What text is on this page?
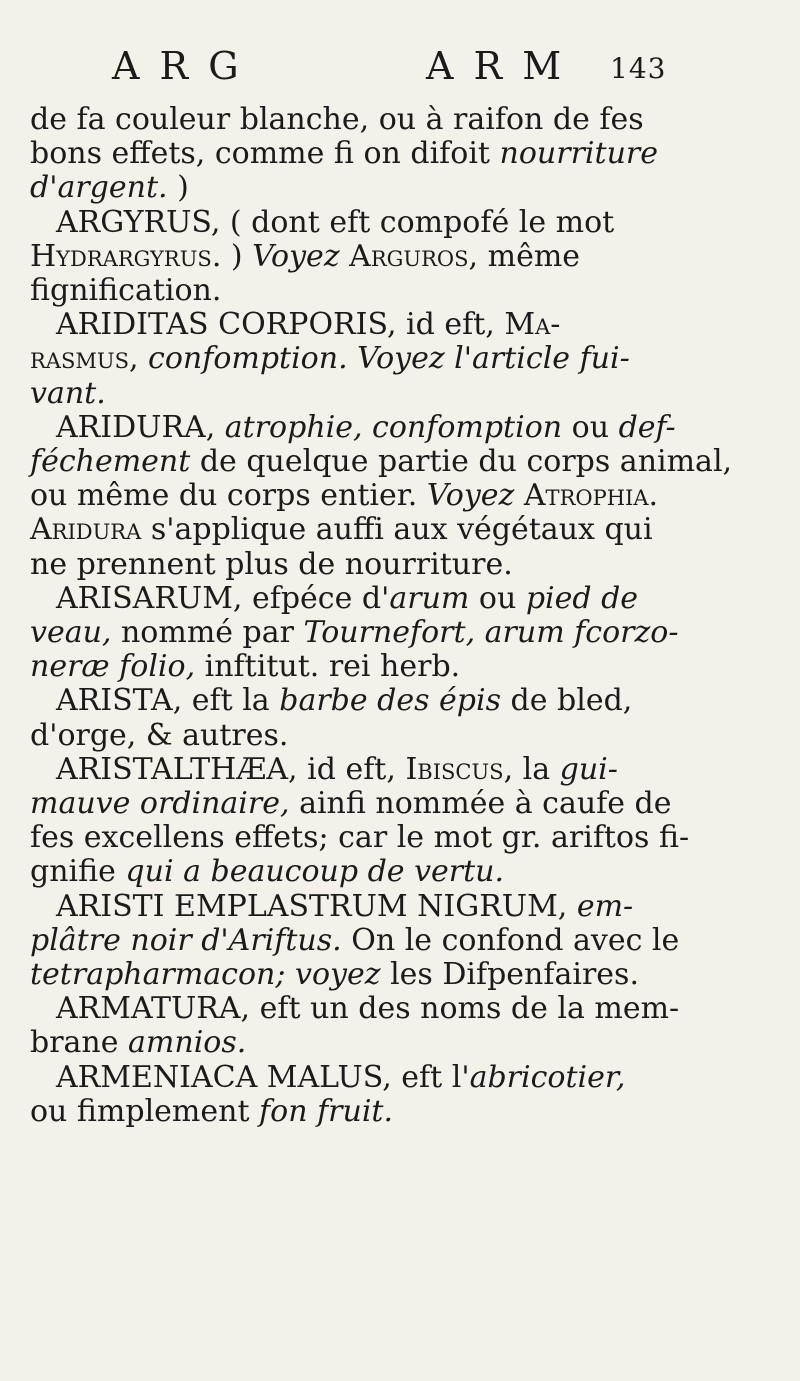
A R G	A R M 143

de fa couleur blanche, ou à raifon de fes

bons effets, comme fi on difoit nourriture

d'argent. )

ARGYRUS, ( dont eft compofé le mot

Hydrargyrus. ) Voyez Arguros, même

fignification.

ARIDITAS CORPORIS, id eft, Ma-

rasmus, confomption. Voyez l'article fui-

vant.

ARIDURA, atrophie, confomption ou def-

féchement de quelque partie du corps animal,

ou même du corps entier. Voyez Atrophia.

Aridura s'applique auffi aux végétaux qui

ne prennent plus de nourriture.

ARISARUM, efpéce d'arum ou pied de

veau, nommé par Tournefort, arum fcorzo-

neræ folio, inftitut. rei herb.

ARISTA, eft la barbe des épis de bled,

d'orge, & autres.

ARISTALTHÆA, id eft, Ibiscus, la gui-

mauve ordinaire, ainfi nommée à caufe de

fes excellens effets; car le mot gr. ariftos fi-

gnifie qui a beaucoup de vertu.

ARISTI EMPLASTRUM NIGRUM, em-

plâtre noir d'Ariftus. On le confond avec le

tetrapharmacon; voyez les Difpenfaires.

ARMATURA, eft un des noms de la mem-

brane amnios.

ARMENIACA MALUS, eft l'abricotier,

ou fimplement fon fruit.
